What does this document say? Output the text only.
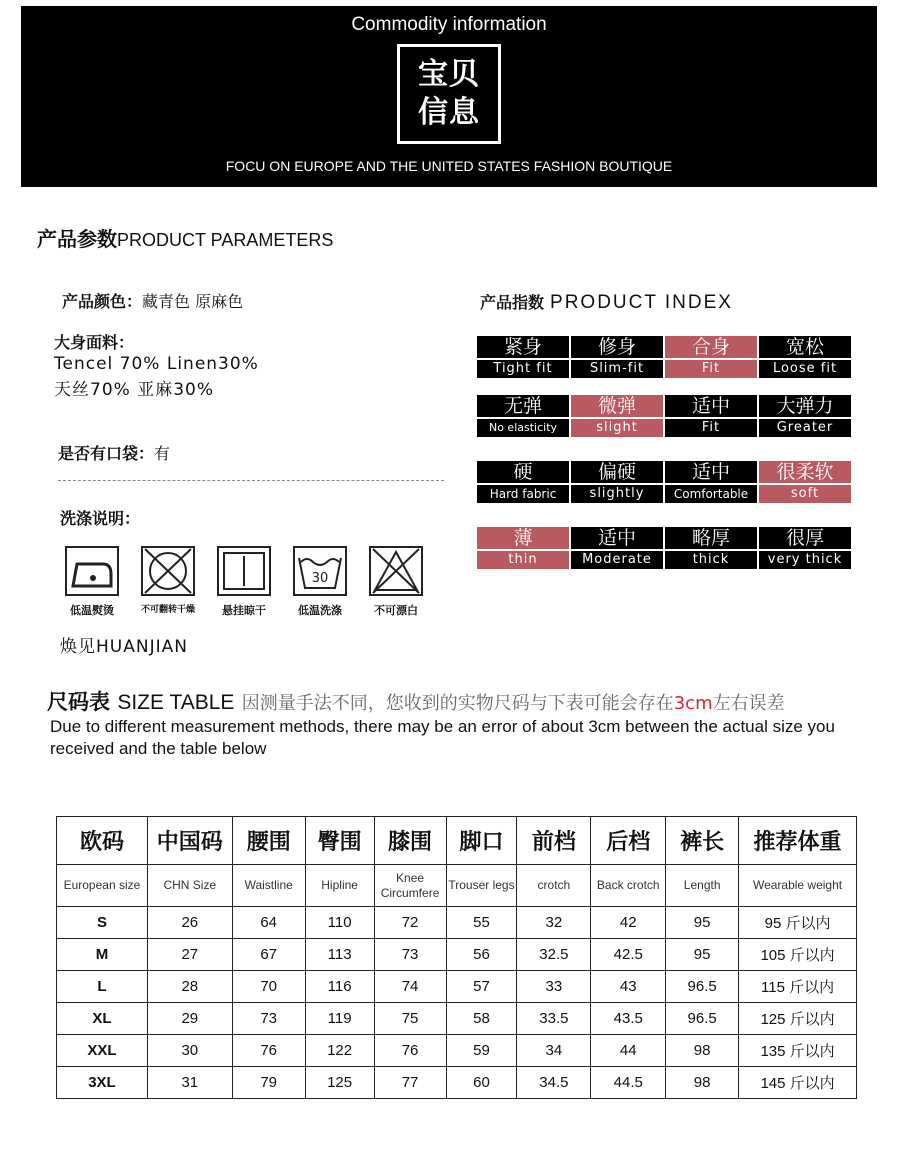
Commodity information
宝贝
信息
FOCU ON EUROPE AND THE UNITED STATES FASHION BOUTIQUE
产品参数PRODUCT PARAMETERS
产品颜色：藏青色 原麻色
大身面料：
Tencel 70% Linen30%
天丝70% 亚麻30%
是否有口袋：有
洗涤说明：
低温熨烫	不可翻转干燥	悬挂晾干
30
低温洗涤	不可漂白
焕见HUANJIAN
产品指数 PRODUCT INDEX
紧身
Tight fit
修身
Slim-fit
合身
Fit
宽松
Loose fit
无弹
No elasticity
微弹
slight
适中
Fit
大弹力
Greater
硬
Hard fabric
偏硬
slightly
适中
Comfortable
很柔软
soft
薄
thin
适中
Moderate
略厚
thick
很厚
very thick
尺码表 SIZE TABLE 因测量手法不同，您收到的实物尺码与下表可能会存在3cm左右误差
Due to different measurement methods, there may be an error of about 3cm between the actual size you received and the table below
欧码	中国码	腰围	臀围	膝围	脚口	前档	后档	裤长	推荐体重
European size	CHN Size	Waistline	Hipline	Knee Circumfere	Trouser legs	crotch	Back crotch	Length	Wearable weight
S	26	64	110	72	55	32	42	95	95 斤以内
M	27	67	113	73	56	32.5	42.5	95	105 斤以内
L	28	70	116	74	57	33	43	96.5	115 斤以内
XL	29	73	119	75	58	33.5	43.5	96.5	125 斤以内
XXL	30	76	122	76	59	34	44	98	135 斤以内
3XL	31	79	125	77	60	34.5	44.5	98	145 斤以内
